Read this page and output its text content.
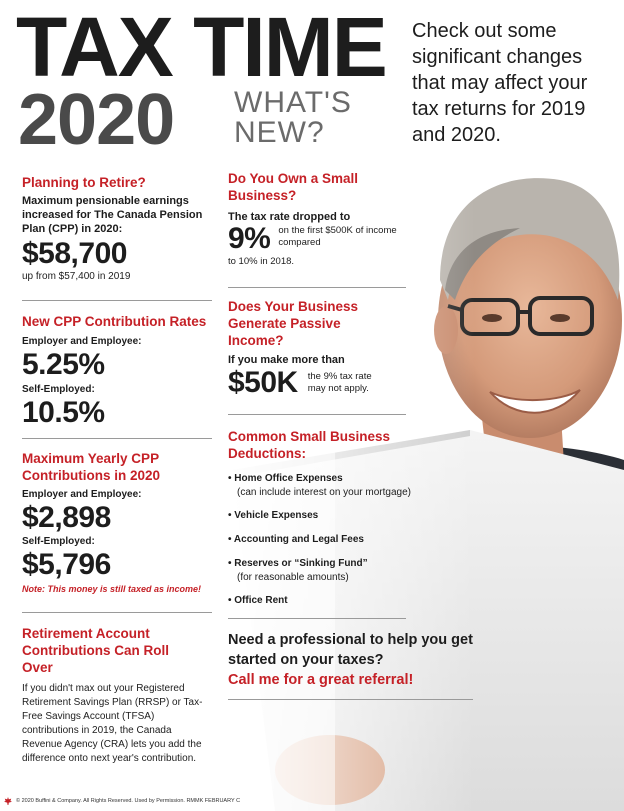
TAX TIME
2020 WHAT'S
NEW?
Check out some significant changes that may affect your tax returns for 2019 and 2020.
Planning to Retire?
Maximum pensionable earnings increased for The Canada Pension Plan (CPP) in 2020:
$58,700
up from $57,400 in 2019
New CPP Contribution Rates
Employer and Employee:
5.25%
Self-Employed:
10.5%
Maximum Yearly CPP Contributions in 2020
Employer and Employee:
$2,898
Self-Employed:
$5,796
Note: This money is still taxed as income!
Retirement Account Contributions Can Roll Over
If you didn't max out your Registered Retirement Savings Plan (RRSP) or Tax-Free Savings Account (TFSA) contributions in 2019, the Canada Revenue Agency (CRA) lets you add the difference onto next year's contribution.
Do You Own a Small Business?
The tax rate dropped to
9% on the first $500K of income compared
to 10% in 2018.
Does Your Business Generate Passive Income?
If you make more than
$50K the 9% tax rate may not apply.
Common Small Business Deductions:
• Home Office Expenses
(can include interest on your mortgage)
• Vehicle Expenses
• Accounting and Legal Fees
• Reserves or “Sinking Fund”
(for reasonable amounts)
• Office Rent
Need a professional to help you get started on your taxes?
Call me for a great referral!
© 2020 Buffini & Company. All Rights Reserved. Used by Permission. RMMK FEBRUARY C
